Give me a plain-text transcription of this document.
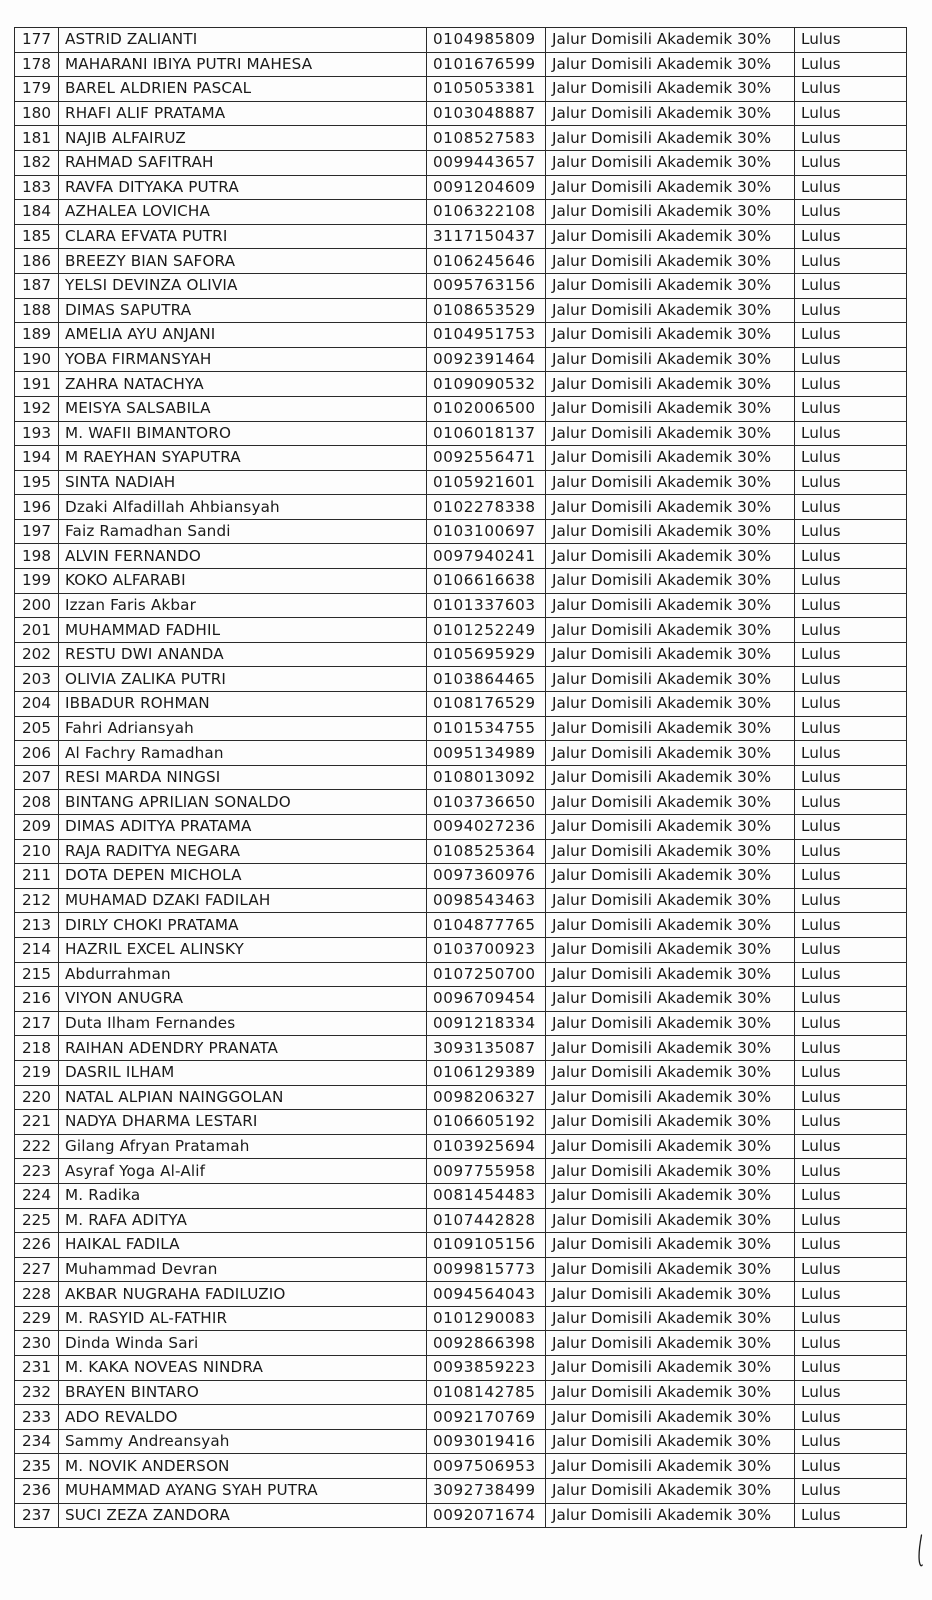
177	ASTRID ZALIANTI	0104985809	Jalur Domisili Akademik 30%	Lulus
178	MAHARANI IBIYA PUTRI MAHESA	0101676599	Jalur Domisili Akademik 30%	Lulus
179	BAREL ALDRIEN PASCAL	0105053381	Jalur Domisili Akademik 30%	Lulus
180	RHAFI ALIF PRATAMA	0103048887	Jalur Domisili Akademik 30%	Lulus
181	NAJIB ALFAIRUZ	0108527583	Jalur Domisili Akademik 30%	Lulus
182	RAHMAD SAFITRAH	0099443657	Jalur Domisili Akademik 30%	Lulus
183	RAVFA DITYAKA PUTRA	0091204609	Jalur Domisili Akademik 30%	Lulus
184	AZHALEA LOVICHA	0106322108	Jalur Domisili Akademik 30%	Lulus
185	CLARA EFVATA PUTRI	3117150437	Jalur Domisili Akademik 30%	Lulus
186	BREEZY BIAN SAFORA	0106245646	Jalur Domisili Akademik 30%	Lulus
187	YELSI DEVINZA OLIVIA	0095763156	Jalur Domisili Akademik 30%	Lulus
188	DIMAS SAPUTRA	0108653529	Jalur Domisili Akademik 30%	Lulus
189	AMELIA AYU ANJANI	0104951753	Jalur Domisili Akademik 30%	Lulus
190	YOBA FIRMANSYAH	0092391464	Jalur Domisili Akademik 30%	Lulus
191	ZAHRA NATACHYA	0109090532	Jalur Domisili Akademik 30%	Lulus
192	MEISYA SALSABILA	0102006500	Jalur Domisili Akademik 30%	Lulus
193	M. WAFII BIMANTORO	0106018137	Jalur Domisili Akademik 30%	Lulus
194	M RAEYHAN SYAPUTRA	0092556471	Jalur Domisili Akademik 30%	Lulus
195	SINTA NADIAH	0105921601	Jalur Domisili Akademik 30%	Lulus
196	Dzaki Alfadillah Ahbiansyah	0102278338	Jalur Domisili Akademik 30%	Lulus
197	Faiz Ramadhan Sandi	0103100697	Jalur Domisili Akademik 30%	Lulus
198	ALVIN FERNANDO	0097940241	Jalur Domisili Akademik 30%	Lulus
199	KOKO ALFARABI	0106616638	Jalur Domisili Akademik 30%	Lulus
200	Izzan Faris Akbar	0101337603	Jalur Domisili Akademik 30%	Lulus
201	MUHAMMAD FADHIL	0101252249	Jalur Domisili Akademik 30%	Lulus
202	RESTU DWI ANANDA	0105695929	Jalur Domisili Akademik 30%	Lulus
203	OLIVIA ZALIKA PUTRI	0103864465	Jalur Domisili Akademik 30%	Lulus
204	IBBADUR ROHMAN	0108176529	Jalur Domisili Akademik 30%	Lulus
205	Fahri Adriansyah	0101534755	Jalur Domisili Akademik 30%	Lulus
206	Al Fachry Ramadhan	0095134989	Jalur Domisili Akademik 30%	Lulus
207	RESI MARDA NINGSI	0108013092	Jalur Domisili Akademik 30%	Lulus
208	BINTANG APRILIAN SONALDO	0103736650	Jalur Domisili Akademik 30%	Lulus
209	DIMAS ADITYA PRATAMA	0094027236	Jalur Domisili Akademik 30%	Lulus
210	RAJA RADITYA NEGARA	0108525364	Jalur Domisili Akademik 30%	Lulus
211	DOTA DEPEN MICHOLA	0097360976	Jalur Domisili Akademik 30%	Lulus
212	MUHAMAD DZAKI FADILAH	0098543463	Jalur Domisili Akademik 30%	Lulus
213	DIRLY CHOKI PRATAMA	0104877765	Jalur Domisili Akademik 30%	Lulus
214	HAZRIL EXCEL ALINSKY	0103700923	Jalur Domisili Akademik 30%	Lulus
215	Abdurrahman	0107250700	Jalur Domisili Akademik 30%	Lulus
216	VIYON ANUGRA	0096709454	Jalur Domisili Akademik 30%	Lulus
217	Duta Ilham Fernandes	0091218334	Jalur Domisili Akademik 30%	Lulus
218	RAIHAN ADENDRY PRANATA	3093135087	Jalur Domisili Akademik 30%	Lulus
219	DASRIL ILHAM	0106129389	Jalur Domisili Akademik 30%	Lulus
220	NATAL ALPIAN NAINGGOLAN	0098206327	Jalur Domisili Akademik 30%	Lulus
221	NADYA DHARMA LESTARI	0106605192	Jalur Domisili Akademik 30%	Lulus
222	Gilang Afryan Pratamah	0103925694	Jalur Domisili Akademik 30%	Lulus
223	Asyraf Yoga Al-Alif	0097755958	Jalur Domisili Akademik 30%	Lulus
224	M. Radika	0081454483	Jalur Domisili Akademik 30%	Lulus
225	M. RAFA ADITYA	0107442828	Jalur Domisili Akademik 30%	Lulus
226	HAIKAL FADILA	0109105156	Jalur Domisili Akademik 30%	Lulus
227	Muhammad Devran	0099815773	Jalur Domisili Akademik 30%	Lulus
228	AKBAR NUGRAHA FADILUZIO	0094564043	Jalur Domisili Akademik 30%	Lulus
229	M. RASYID AL-FATHIR	0101290083	Jalur Domisili Akademik 30%	Lulus
230	Dinda Winda Sari	0092866398	Jalur Domisili Akademik 30%	Lulus
231	M. KAKA NOVEAS NINDRA	0093859223	Jalur Domisili Akademik 30%	Lulus
232	BRAYEN BINTARO	0108142785	Jalur Domisili Akademik 30%	Lulus
233	ADO REVALDO	0092170769	Jalur Domisili Akademik 30%	Lulus
234	Sammy Andreansyah	0093019416	Jalur Domisili Akademik 30%	Lulus
235	M. NOVIK ANDERSON	0097506953	Jalur Domisili Akademik 30%	Lulus
236	MUHAMMAD AYANG SYAH PUTRA	3092738499	Jalur Domisili Akademik 30%	Lulus
237	SUCI ZEZA ZANDORA	0092071674	Jalur Domisili Akademik 30%	Lulus
